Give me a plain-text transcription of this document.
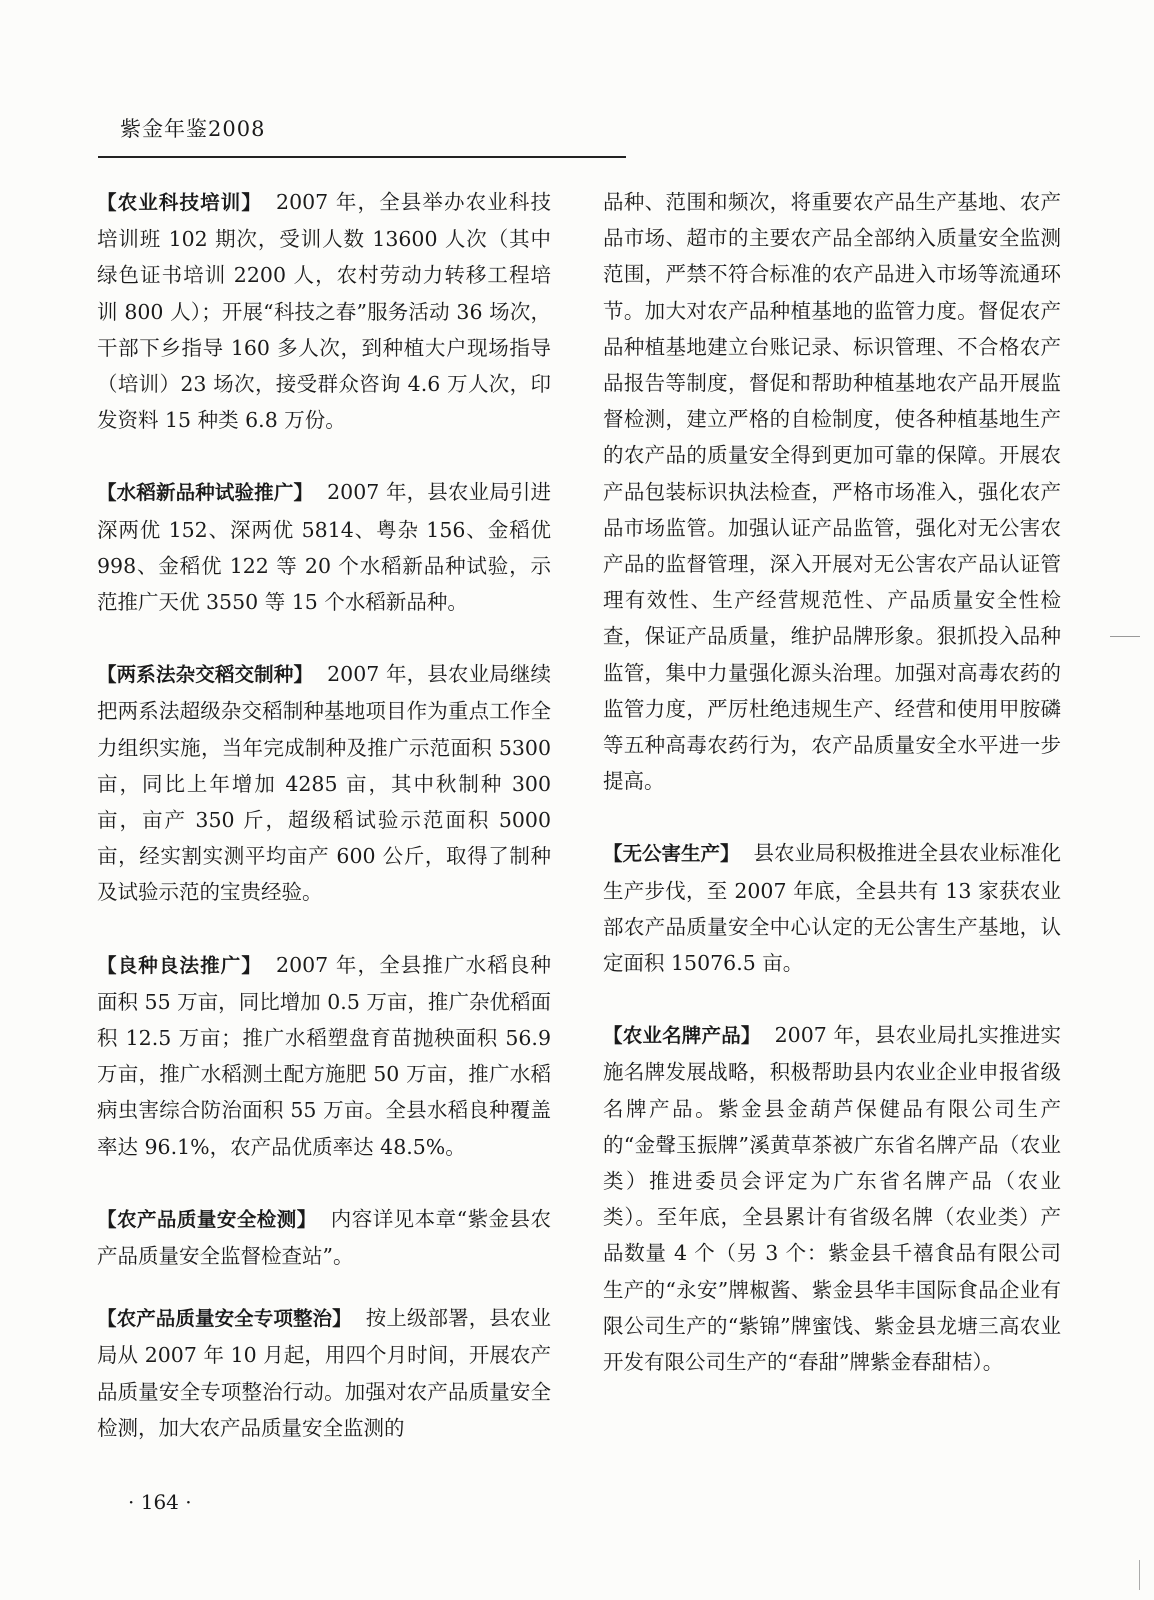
紫金年鉴2008

【农业科技培训】 2007 年，全县举办农业科技培训班 102 期次，受训人数 13600 人次（其中绿色证书培训 2200 人，农村劳动力转移工程培训 800 人）；开展“科技之春”服务活动 36 场次，干部下乡指导 160 多人次，到种植大户现场指导（培训）23 场次，接受群众咨询 4.6 万人次，印发资料 15 种类 6.8 万份。

【水稻新品种试验推广】 2007 年，县农业局引进深两优 152、深两优 5814、粤杂 156、金稻优 998、金稻优 122 等 20 个水稻新品种试验，示范推广天优 3550 等 15 个水稻新品种。

【两系法杂交稻交制种】 2007 年，县农业局继续把两系法超级杂交稻制种基地项目作为重点工作全力组织实施，当年完成制种及推广示范面积 5300 亩，同比上年增加 4285 亩，其中秋制种 300 亩，亩产 350 斤，超级稻试验示范面积 5000 亩，经实割实测平均亩产 600 公斤，取得了制种及试验示范的宝贵经验。

【良种良法推广】 2007 年，全县推广水稻良种面积 55 万亩，同比增加 0.5 万亩，推广杂优稻面积 12.5 万亩；推广水稻塑盘育苗抛秧面积 56.9 万亩，推广水稻测土配方施肥 50 万亩，推广水稻病虫害综合防治面积 55 万亩。全县水稻良种覆盖率达 96.1%，农产品优质率达 48.5%。

【农产品质量安全检测】 内容详见本章“紫金县农产品质量安全监督检查站”。

【农产品质量安全专项整治】 按上级部署，县农业局从 2007 年 10 月起，用四个月时间，开展农产品质量安全专项整治行动。加强对农产品质量安全检测，加大农产品质量安全监测的

品种、范围和频次，将重要农产品生产基地、农产品市场、超市的主要农产品全部纳入质量安全监测范围，严禁不符合标准的农产品进入市场等流通环节。加大对农产品种植基地的监管力度。督促农产品种植基地建立台账记录、标识管理、不合格农产品报告等制度，督促和帮助种植基地农产品开展监督检测，建立严格的自检制度，使各种植基地生产的农产品的质量安全得到更加可靠的保障。开展农产品包装标识执法检查，严格市场准入，强化农产品市场监管。加强认证产品监管，强化对无公害农产品的监督管理，深入开展对无公害农产品认证管理有效性、生产经营规范性、产品质量安全性检查，保证产品质量，维护品牌形象。狠抓投入品种监管，集中力量强化源头治理。加强对高毒农药的监管力度，严厉杜绝违规生产、经营和使用甲胺磷等五种高毒农药行为，农产品质量安全水平进一步提高。

【无公害生产】 县农业局积极推进全县农业标准化生产步伐，至 2007 年底，全县共有 13 家获农业部农产品质量安全中心认定的无公害生产基地，认定面积 15076.5 亩。

【农业名牌产品】 2007 年，县农业局扎实推进实施名牌发展战略，积极帮助县内农业企业申报省级名牌产品。紫金县金葫芦保健品有限公司生产的“金聲玉振牌”溪黄草茶被广东省名牌产品（农业类）推进委员会评定为广东省名牌产品（农业类）。至年底，全县累计有省级名牌（农业类）产品数量 4 个（另 3 个：紫金县千禧食品有限公司生产的“永安”牌椒酱、紫金县华丰国际食品企业有限公司生产的“紫锦”牌蜜饯、紫金县龙塘三高农业开发有限公司生产的“春甜”牌紫金春甜桔）。

· 164 ·
